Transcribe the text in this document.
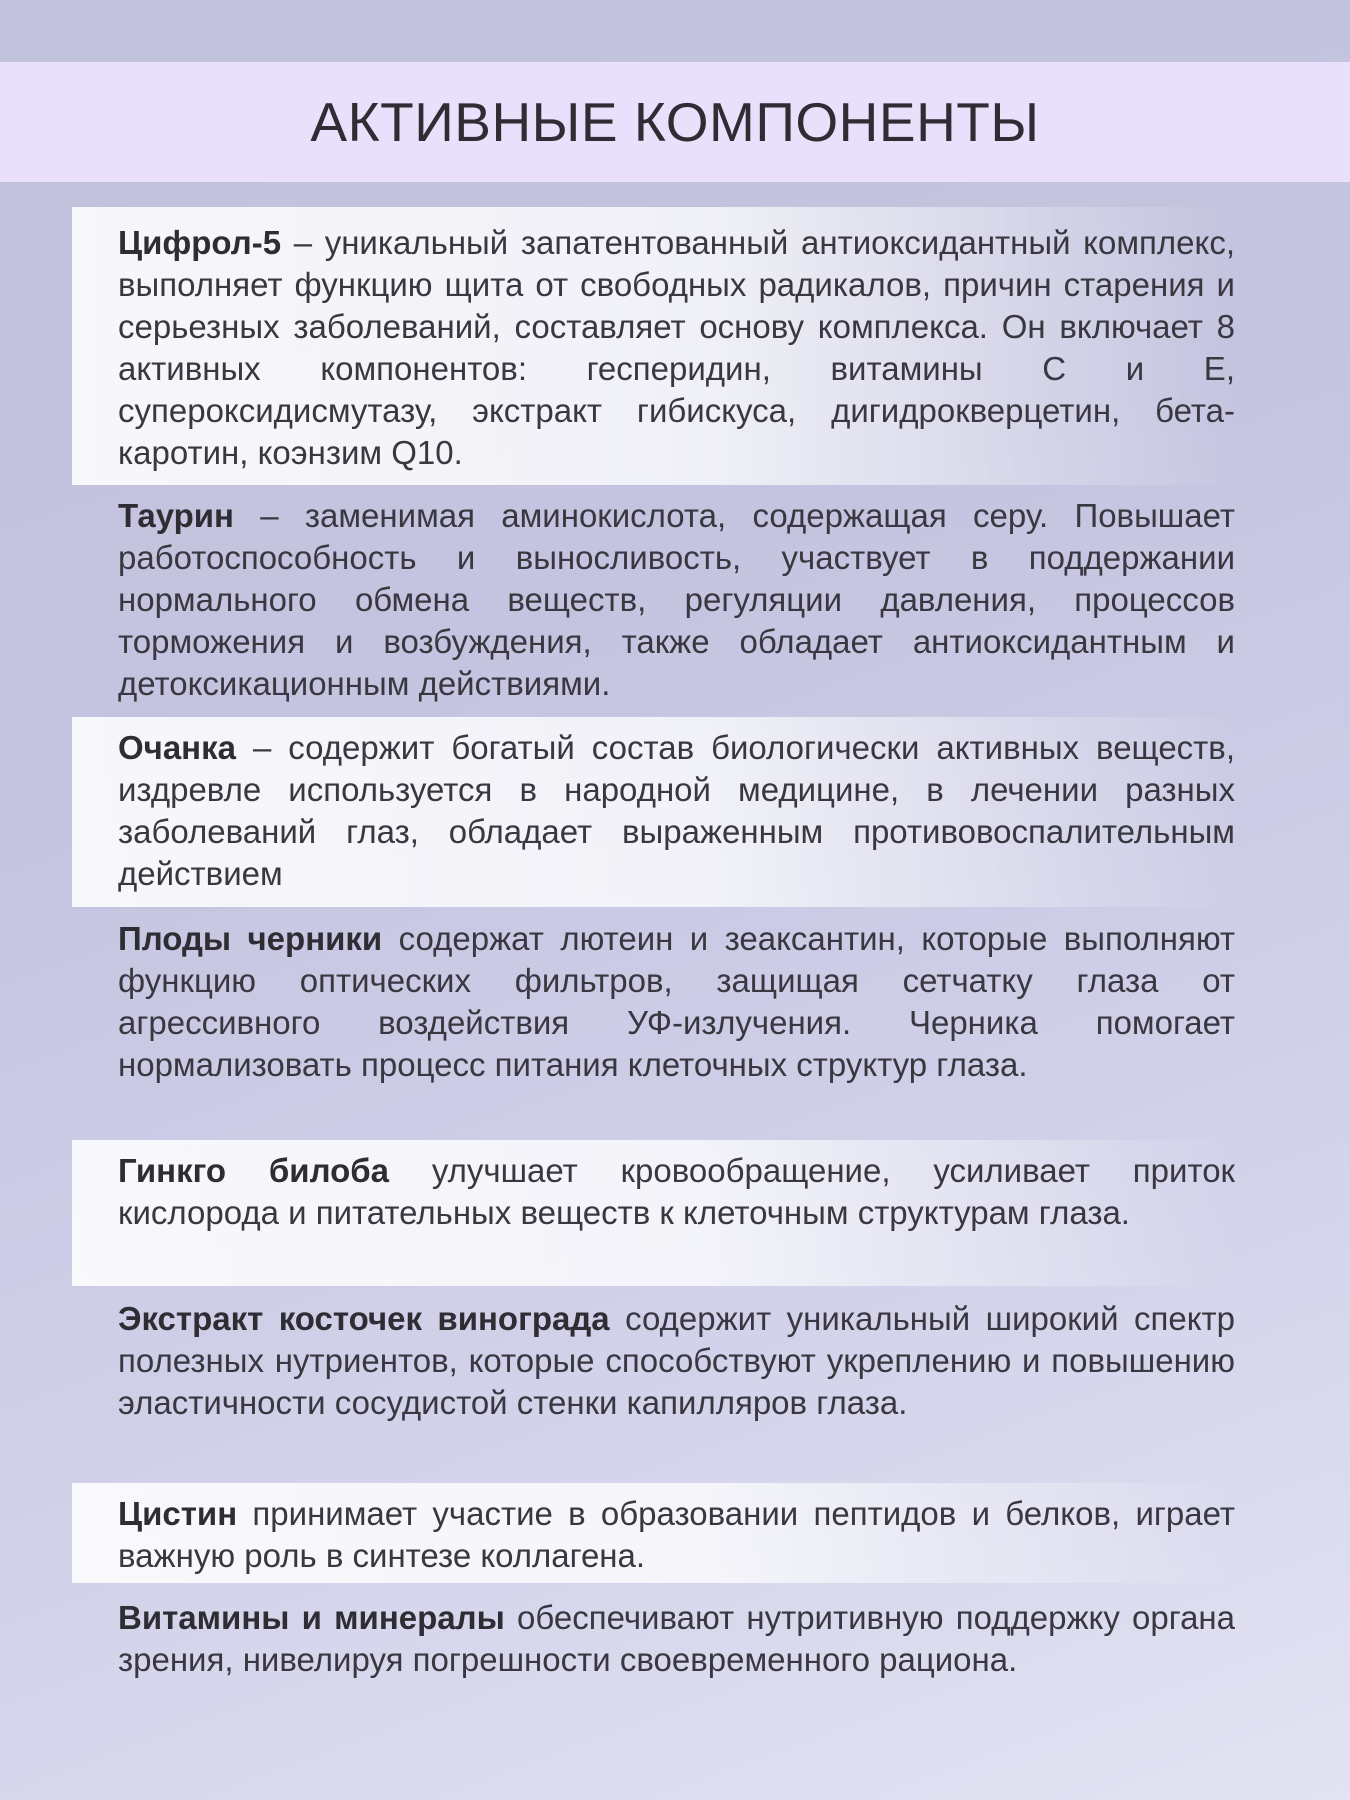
АКТИВНЫЕ КОМПОНЕНТЫ

Цифрол-5 – уникальный запатентованный антиоксидантный комплекс, выполняет функцию щита от свободных радикалов, причин старения и серьезных заболеваний, составляет основу комплекса. Он включает 8 активных компонентов: гесперидин, витамины С и Е, супероксидисмутазу, экстракт гибискуса, дигидрокверцетин, бета-каротин, коэнзим Q10.

Таурин – заменимая аминокислота, содержащая серу. Повышает работоспособность и выносливость, участвует в поддержании нормального обмена веществ, регуляции давления, процессов торможения и возбуждения, также обладает антиоксидантным и детоксикационным действиями.

Очанка – содержит богатый состав биологически активных веществ, издревле используется в народной медицине, в лечении разных заболеваний глаз, обладает выраженным противовоспалительным действием

Плоды черники содержат лютеин и зеаксантин, которые выполняют функцию оптических фильтров, защищая сетчатку глаза от агрессивного воздействия УФ-излучения. Черника помогает нормализовать процесс питания клеточных структур глаза.

Гинкго билоба улучшает кровообращение, усиливает приток кислорода и питательных веществ к клеточным структурам глаза.

Экстракт косточек винограда содержит уникальный широкий спектр полезных нутриентов, которые способствуют укреплению и повышению эластичности сосудистой стенки капилляров глаза.

Цистин принимает участие в образовании пептидов и белков, играет важную роль в синтезе коллагена.

Витамины и минералы обеспечивают нутритивную поддержку органа зрения, нивелируя погрешности своевременного рациона.
